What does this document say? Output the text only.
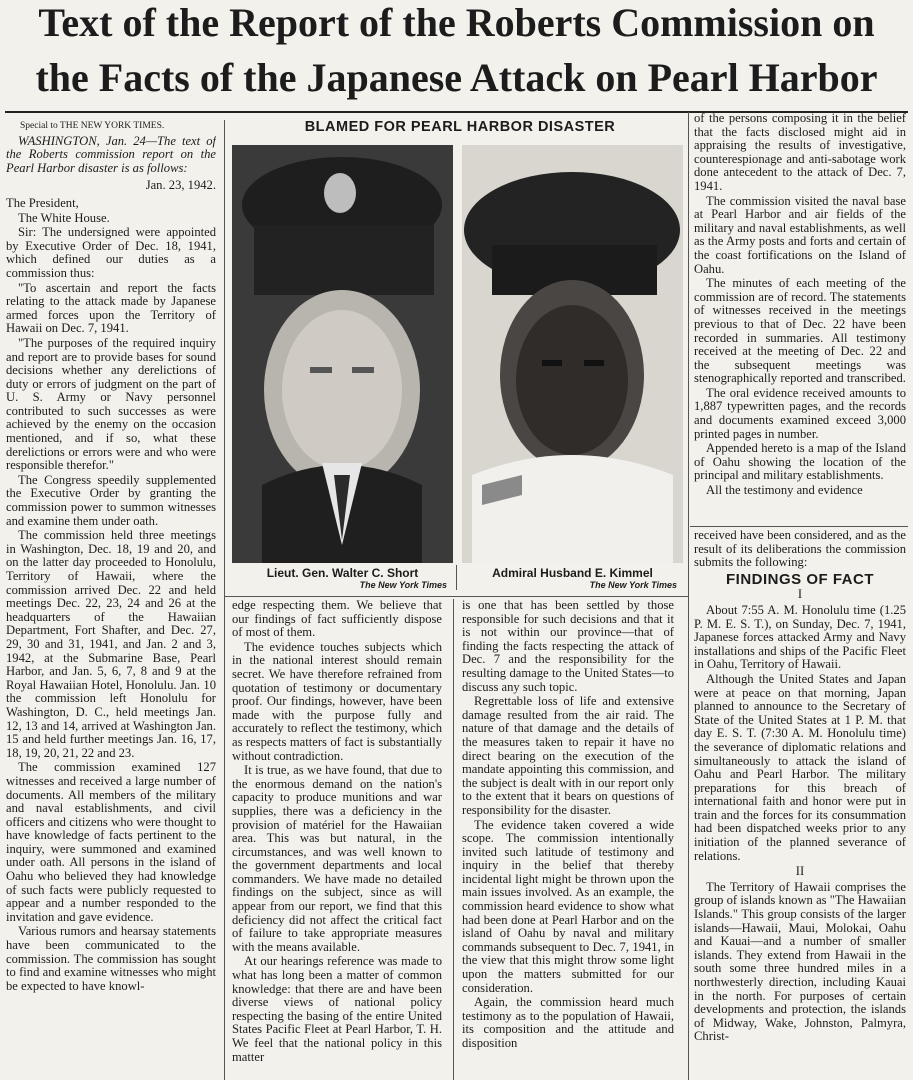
Text of the Report of the Roberts Commission on
the Facts of the Japanese Attack on Pearl Harbor

Special to THE NEW YORK TIMES.

WASHINGTON, Jan. 24—The text of the Roberts commission report on the Pearl Harbor disaster is as follows:

Jan. 23, 1942.

The President,

The White House.

Sir: The undersigned were appointed by Executive Order of Dec. 18, 1941, which defined our duties as a commission thus:

"To ascertain and report the facts relating to the attack made by Japanese armed forces upon the Territory of Hawaii on Dec. 7, 1941.

"The purposes of the required inquiry and report are to provide bases for sound decisions whether any derelictions of duty or errors of judgment on the part of U. S. Army or Navy personnel contributed to such successes as were achieved by the enemy on the occasion mentioned, and if so, what these derelictions or errors were and who were responsible therefor."

The Congress speedily supplemented the Executive Order by granting the commission power to summon witnesses and examine them under oath.

The commission held three meetings in Washington, Dec. 18, 19 and 20, and on the latter day proceeded to Honolulu, Territory of Hawaii, where the commission arrived Dec. 22 and held meetings Dec. 22, 23, 24 and 26 at the headquarters of the Hawaiian Department, Fort Shafter, and Dec. 27, 29, 30 and 31, 1941, and Jan. 2 and 3, 1942, at the Submarine Base, Pearl Harbor, and Jan. 5, 6, 7, 8 and 9 at the Royal Hawaiian Hotel, Honolulu. Jan. 10 the commission left Honolulu for Washington, D. C., held meetings Jan. 12, 13 and 14, arrived at Washington Jan. 15 and held further meetings Jan. 16, 17, 18, 19, 20, 21, 22 and 23.

The commission examined 127 witnesses and received a large number of documents. All members of the military and naval establishments, and civil officers and citizens who were thought to have knowledge of facts pertinent to the inquiry, were summoned and examined under oath. All persons in the island of Oahu who believed they had knowledge of such facts were publicly requested to appear and a number responded to the invitation and gave evidence.

Various rumors and hearsay statements have been communicated to the commission. The commission has sought to find and examine witnesses who might be expected to have knowl-

BLAMED FOR PEARL HARBOR DISASTER
Lieut. Gen. Walter C. Short
The New York Times
Admiral Husband E. Kimmel
The New York Times

edge respecting them. We believe that our findings of fact sufficiently dispose of most of them.

The evidence touches subjects which in the national interest should remain secret. We have therefore refrained from quotation of testimony or documentary proof. Our findings, however, have been made with the purpose fully and accurately to reflect the testimony, which as respects matters of fact is substantially without contradiction.

It is true, as we have found, that due to the enormous demand on the nation's capacity to produce munitions and war supplies, there was a deficiency in the provision of matériel for the Hawaiian area. This was but natural, in the circumstances, and was well known to the government departments and local commanders. We have made no detailed findings on the subject, since as will appear from our report, we find that this deficiency did not affect the critical fact of failure to take appropriate measures with the means available.

At our hearings reference was made to what has long been a matter of common knowledge: that there are and have been diverse views of national policy respecting the basing of the entire United States Pacific Fleet at Pearl Harbor, T. H. We feel that the national policy in this matter

is one that has been settled by those responsible for such decisions and that it is not within our province—that of finding the facts respecting the attack of Dec. 7 and the responsibility for the resulting damage to the United States—to discuss any such topic.

Regrettable loss of life and extensive damage resulted from the air raid. The nature of that damage and the details of the measures taken to repair it have no direct bearing on the execution of the mandate appointing this commission, and the subject is dealt with in our report only to the extent that it bears on questions of responsibility for the disaster.

The evidence taken covered a wide scope. The commission intentionally invited such latitude of testimony and inquiry in the belief that thereby incidental light might be thrown upon the main issues involved. As an example, the commission heard evidence to show what had been done at Pearl Harbor and on the island of Oahu by naval and military commands subsequent to Dec. 7, 1941, in the view that this might throw some light upon the matters submitted for our consideration.

Again, the commission heard much testimony as to the population of Hawaii, its composition and the attitude and disposition

of the persons composing it in the belief that the facts disclosed might aid in appraising the results of investigative, counterespionage and anti-sabotage work done antecedent to the attack of Dec. 7, 1941.

The commission visited the naval base at Pearl Harbor and air fields of the military and naval establishments, as well as the Army posts and forts and certain of the coast fortifications on the Island of Oahu.

The minutes of each meeting of the commission are of record. The statements of witnesses received in the meetings previous to that of Dec. 22 have been recorded in summaries. All testimony received at the meeting of Dec. 22 and the subsequent meetings was stenographically reported and transcribed.

The oral evidence received amounts to 1,887 typewritten pages, and the records and documents examined exceed 3,000 printed pages in number.

Appended hereto is a map of the Island of Oahu showing the location of the principal and military establishments.

All the testimony and evidence

received have been considered, and as the result of its deliberations the commission submits the following:

FINDINGS OF FACT

I

About 7:55 A. M. Honolulu time (1.25 P. M. E. S. T.), on Sunday, Dec. 7, 1941, Japanese forces attacked Army and Navy installations and ships of the Pacific Fleet in Oahu, Territory of Hawaii.

Although the United States and Japan were at peace on that morning, Japan planned to announce to the Secretary of State of the United States at 1 P. M. that day E. S. T. (7:30 A. M. Honolulu time) the severance of diplomatic relations and simultaneously to attack the island of Oahu and Pearl Harbor. The military preparations for this breach of international faith and honor were put in train and the forces for its consummation had been dispatched weeks prior to any initiation of the planned severance of relations.

II

The Territory of Hawaii comprises the group of islands known as "The Hawaiian Islands." This group consists of the larger islands—Hawaii, Maui, Molokai, Oahu and Kauai—and a number of smaller islands. They extend from Hawaii in the south some three hundred miles in a northwesterly direction, including Kauai in the north. For purposes of certain developments and protection, the islands of Midway, Wake, Johnston, Palmyra, Christ-
